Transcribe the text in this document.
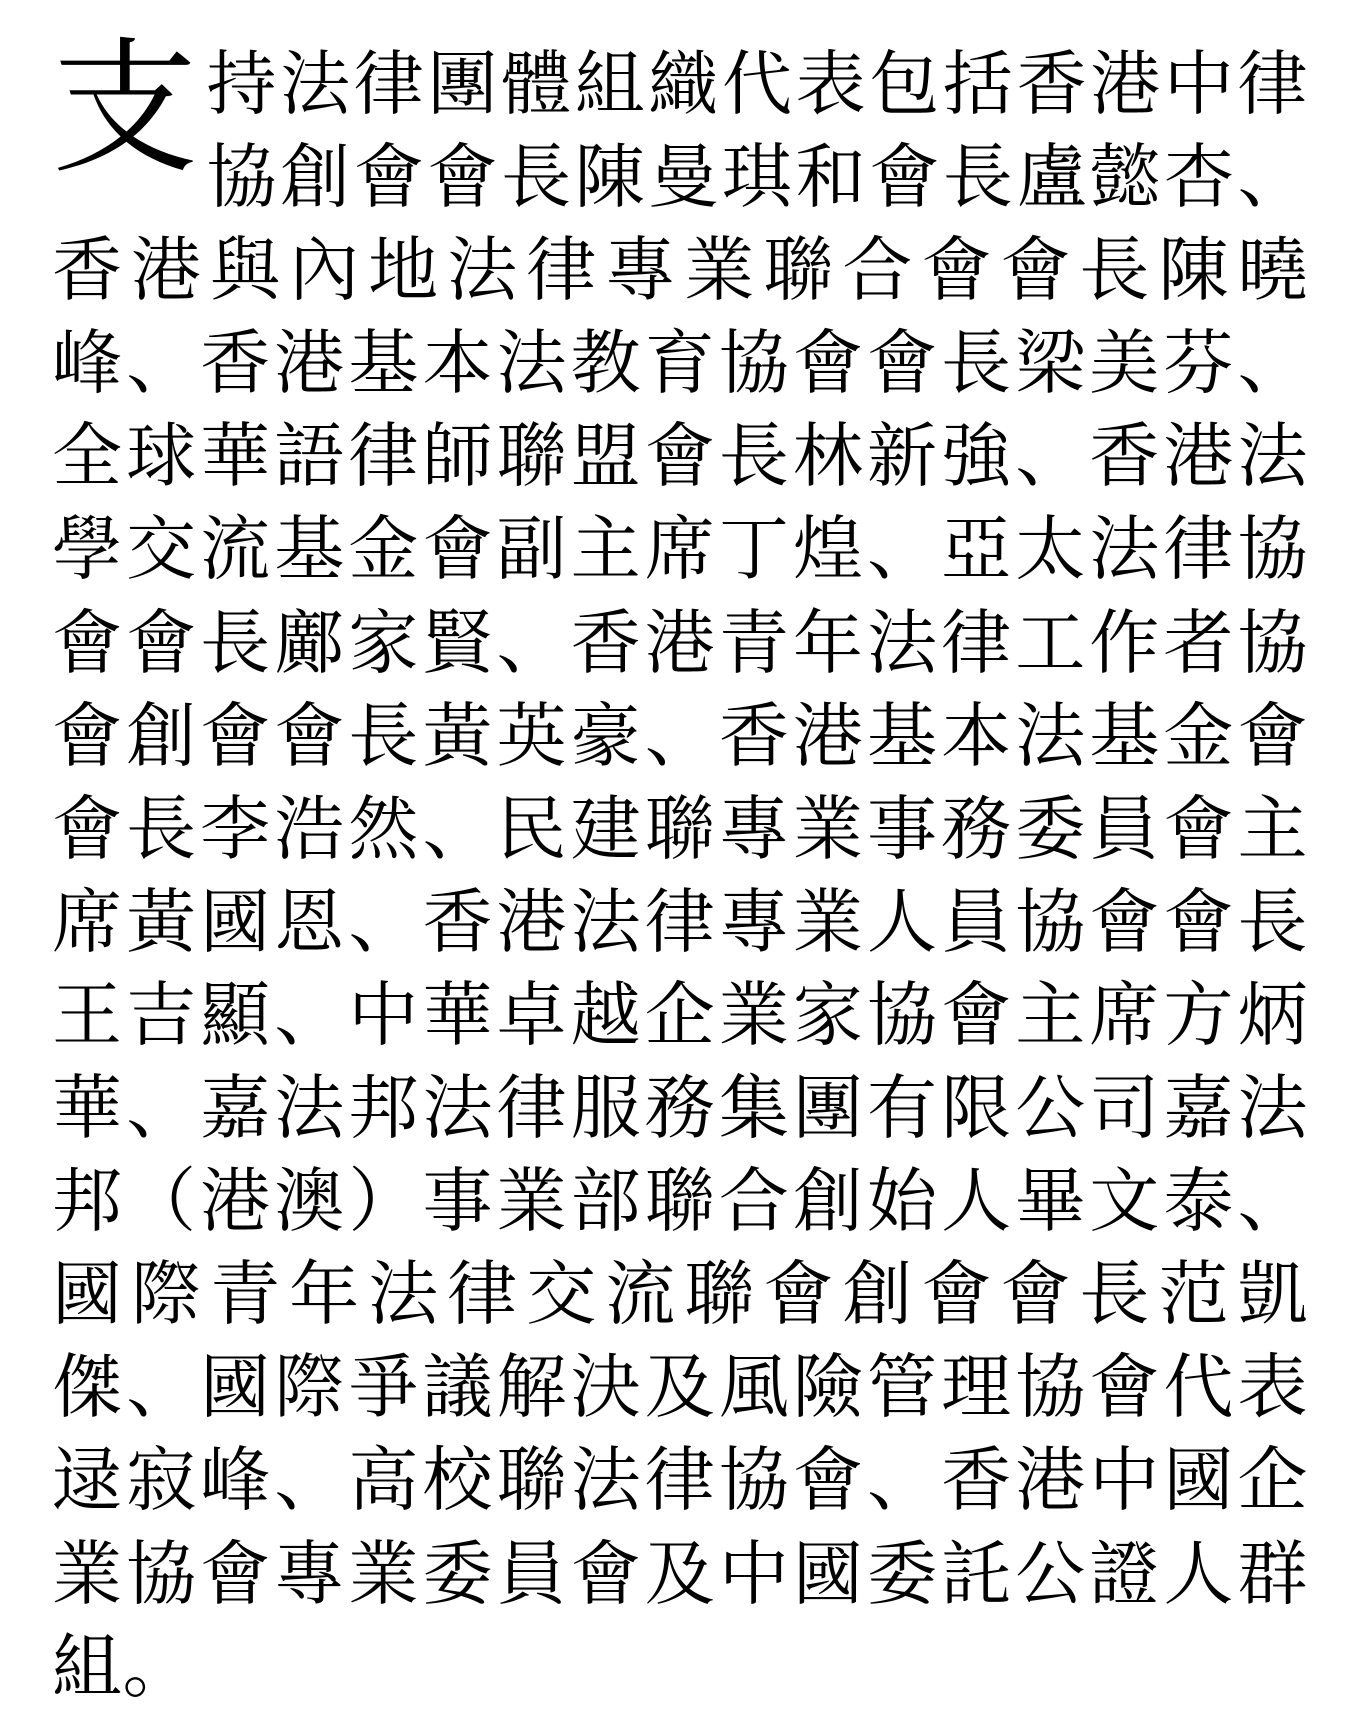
支持法律團體組織代表包括香港中律協創會會長陳曼琪和會長盧懿杏、香港與內地法律專業聯合會會長陳曉峰、香港基本法教育協會會長梁美芬、全球華語律師聯盟會長林新強、香港法學交流基金會副主席丁煌、亞太法律協會會長鄺家賢、香港青年法律工作者協會創會會長黃英豪、香港基本法基金會會長李浩然、民建聯專業事務委員會主席黃國恩、香港法律專業人員協會會長王吉顯、中華卓越企業家協會主席方炳華、嘉法邦法律服務集團有限公司嘉法邦（港澳）事業部聯合創始人畢文泰、國際青年法律交流聯會創會會長范凱傑、國際爭議解決及風險管理協會代表逯寂峰、高校聯法律協會、香港中國企業協會專業委員會及中國委託公證人群組。
